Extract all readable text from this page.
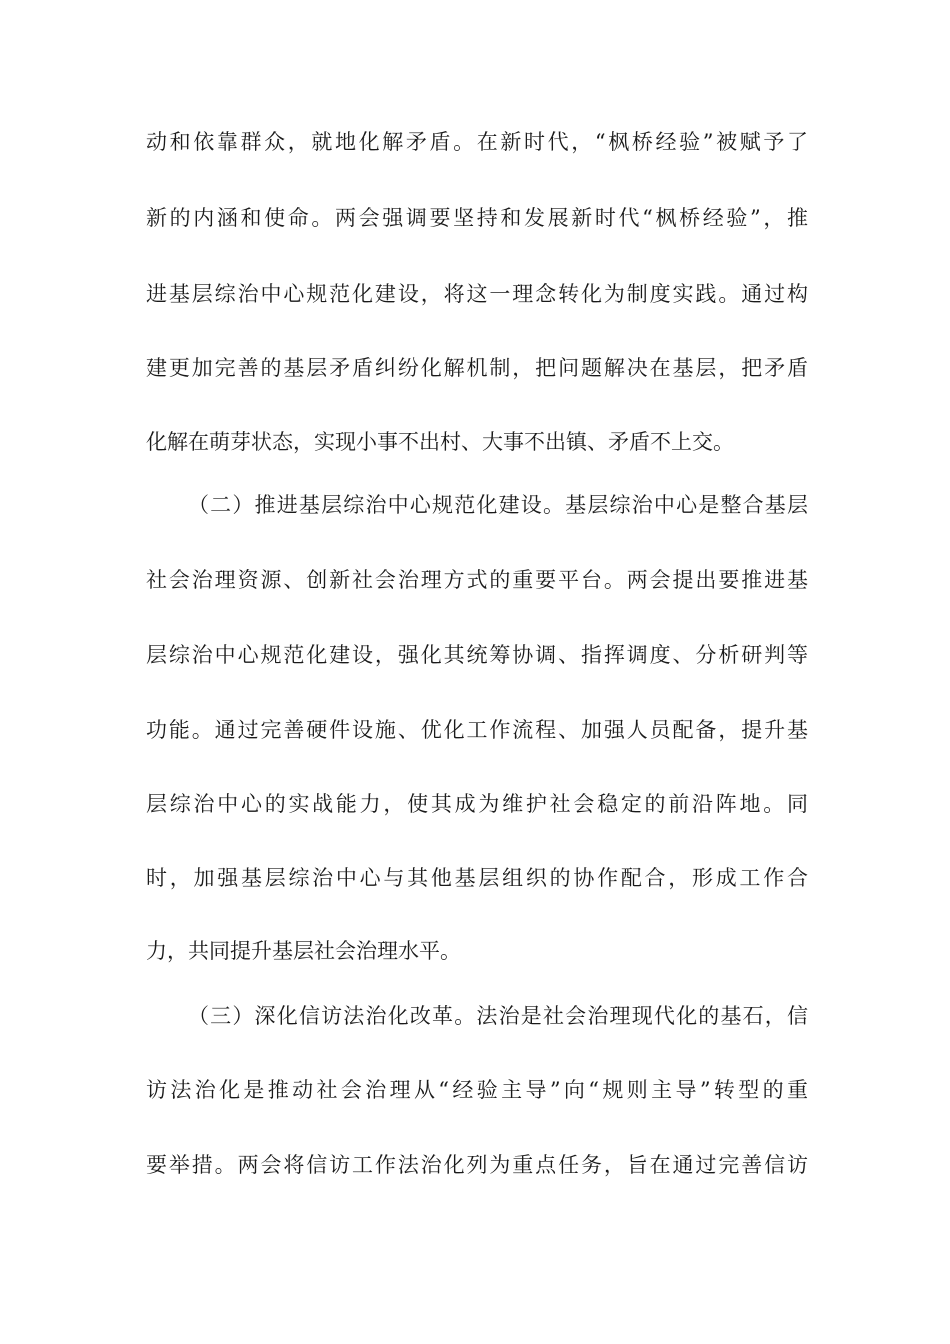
动和依靠群众，就地化解矛盾。在新时代，“枫桥经验”被赋予了
新的内涵和使命。两会强调要坚持和发展新时代“枫桥经验”，推
进基层综治中心规范化建设，将这一理念转化为制度实践。通过构
建更加完善的基层矛盾纠纷化解机制，把问题解决在基层，把矛盾
化解在萌芽状态，实现小事不出村、大事不出镇、矛盾不上交。
（二）推进基层综治中心规范化建设。基层综治中心是整合基层
社会治理资源、创新社会治理方式的重要平台。两会提出要推进基
层综治中心规范化建设，强化其统筹协调、指挥调度、分析研判等
功能。通过完善硬件设施、优化工作流程、加强人员配备，提升基
层综治中心的实战能力，使其成为维护社会稳定的前沿阵地。同
时，加强基层综治中心与其他基层组织的协作配合，形成工作合
力，共同提升基层社会治理水平。
（三）深化信访法治化改革。法治是社会治理现代化的基石，信
访法治化是推动社会治理从“经验主导”向“规则主导”转型的重
要举措。两会将信访工作法治化列为重点任务，旨在通过完善信访
